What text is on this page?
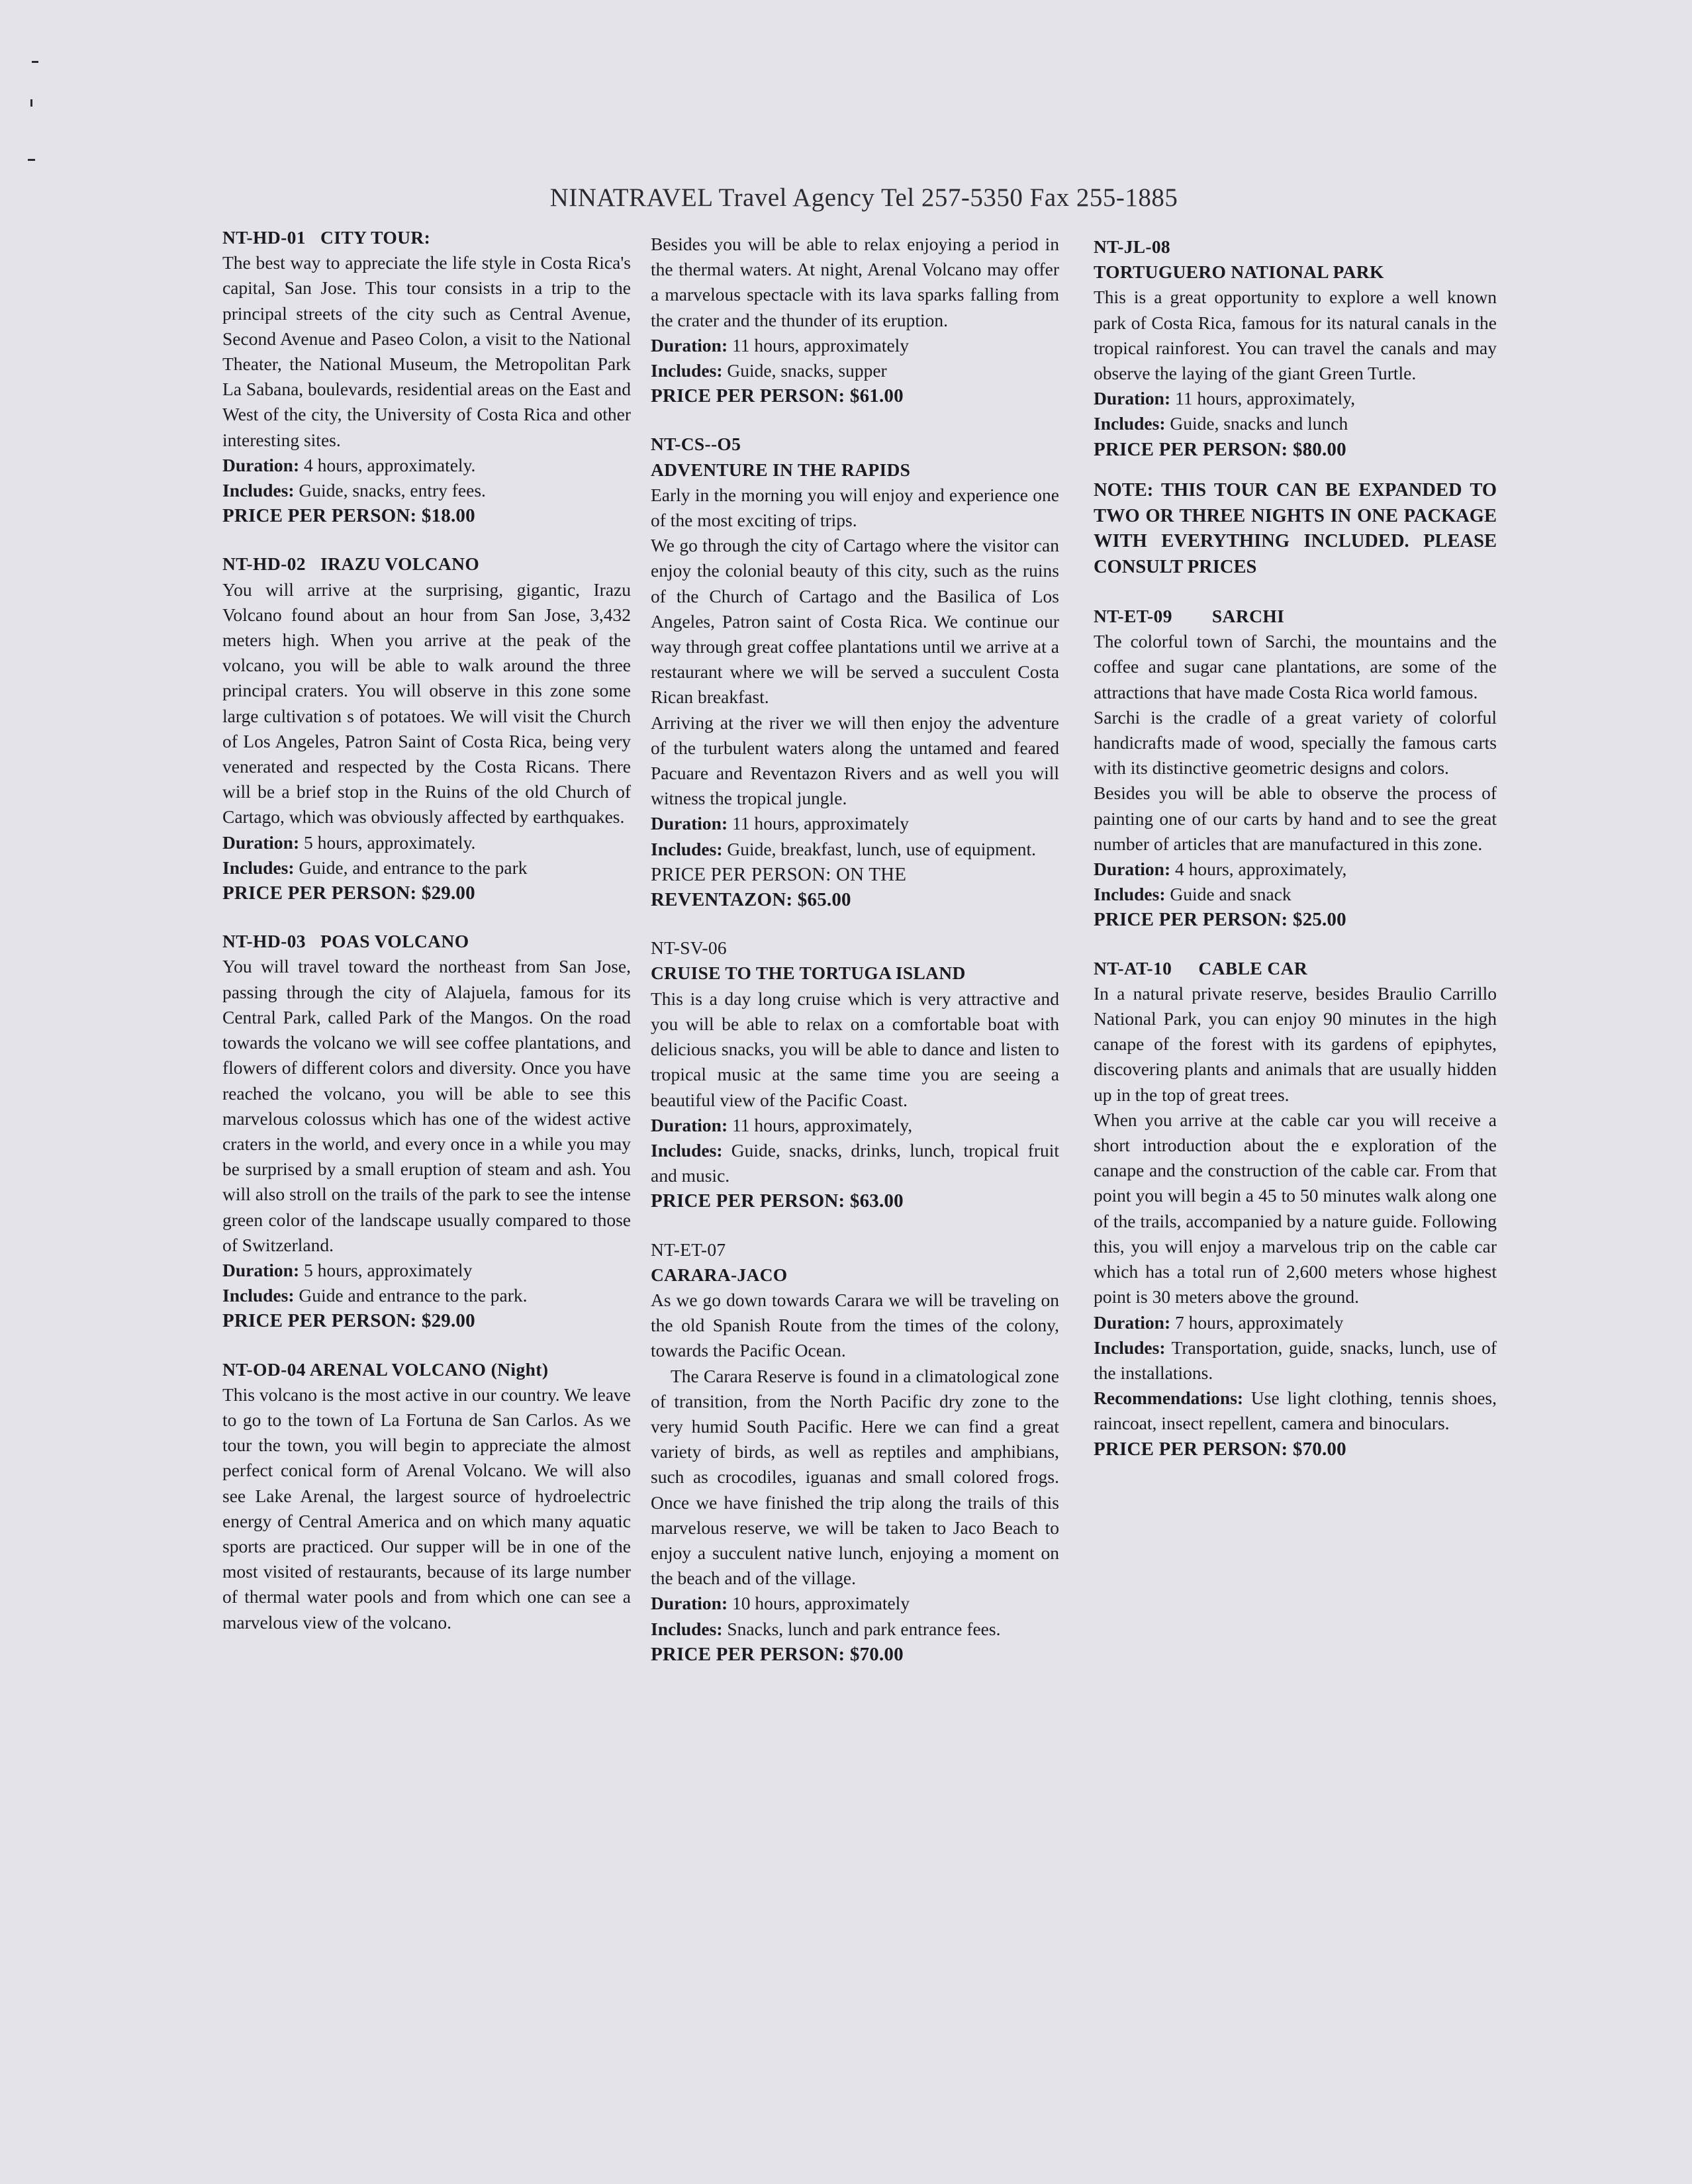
NINATRAVEL Travel Agency Tel 257-5350 Fax 255-1885
NT-HD-01 CITY TOUR:

The best way to appreciate the life style in Costa Rica's capital, San Jose. This tour consists in a trip to the principal streets of the city such as Central Avenue, Second Avenue and Paseo Colon, a visit to the National Theater, the National Museum, the Metropolitan Park La Sabana, boulevards, residential areas on the East and West of the city, the University of Costa Rica and other interesting sites.

Duration: 4 hours, approximately.

Includes: Guide, snacks, entry fees.

PRICE PER PERSON: $18.00
NT-HD-02 IRAZU VOLCANO

You will arrive at the surprising, gigantic, Irazu Volcano found about an hour from San Jose, 3,432 meters high. When you arrive at the peak of the volcano, you will be able to walk around the three principal craters. You will observe in this zone some large cultivation s of potatoes. We will visit the Church of Los Angeles, Patron Saint of Costa Rica, being very venerated and respected by the Costa Ricans. There will be a brief stop in the Ruins of the old Church of Cartago, which was obviously affected by earthquakes.

Duration: 5 hours, approximately.

Includes: Guide, and entrance to the park

PRICE PER PERSON: $29.00
NT-HD-03 POAS VOLCANO

You will travel toward the northeast from San Jose, passing through the city of Alajuela, famous for its Central Park, called Park of the Mangos. On the road towards the volcano we will see coffee plantations, and flowers of different colors and diversity. Once you have reached the volcano, you will be able to see this marvelous colossus which has one of the widest active craters in the world, and every once in a while you may be surprised by a small eruption of steam and ash. You will also stroll on the trails of the park to see the intense green color of the landscape usually compared to those of Switzerland.

Duration: 5 hours, approximately

Includes: Guide and entrance to the park.

PRICE PER PERSON: $29.00
NT-OD-04 ARENAL VOLCANO (Night)

This volcano is the most active in our country. We leave to go to the town of La Fortuna de San Carlos. As we tour the town, you will begin to appreciate the almost perfect conical form of Arenal Volcano. We will also see Lake Arenal, the largest source of hydroelectric energy of Central America and on which many aquatic sports are practiced. Our supper will be in one of the most visited of restaurants, because of its large number of thermal water pools and from which one can see a marvelous view of the volcano.

Besides you will be able to relax enjoying a period in the thermal waters. At night, Arenal Volcano may offer a marvelous spectacle with its lava sparks falling from the crater and the thunder of its eruption.

Duration: 11 hours, approximately

Includes: Guide, snacks, supper

PRICE PER PERSON: $61.00
NT-CS--O5
ADVENTURE IN THE RAPIDS

Early in the morning you will enjoy and experience one of the most exciting of trips.

We go through the city of Cartago where the visitor can enjoy the colonial beauty of this city, such as the ruins of the Church of Cartago and the Basilica of Los Angeles, Patron saint of Costa Rica. We continue our way through great coffee plantations until we arrive at a restaurant where we will be served a succulent Costa Rican breakfast.

Arriving at the river we will then enjoy the adventure of the turbulent waters along the untamed and feared Pacuare and Reventazon Rivers and as well you will witness the tropical jungle.

Duration: 11 hours, approximately

Includes: Guide, breakfast, lunch, use of equipment.

PRICE PER PERSON: ON THE
REVENTAZON: $65.00
NT-SV-06
CRUISE TO THE TORTUGA ISLAND

This is a day long cruise which is very attractive and you will be able to relax on a comfortable boat with delicious snacks, you will be able to dance and listen to tropical music at the same time you are seeing a beautiful view of the Pacific Coast.

Duration: 11 hours, approximately,

Includes: Guide, snacks, drinks, lunch, tropical fruit and music.

PRICE PER PERSON: $63.00
NT-ET-07
CARARA-JACO

As we go down towards Carara we will be traveling on the old Spanish Route from the times of the colony, towards the Pacific Ocean.

The Carara Reserve is found in a climatological zone of transition, from the North Pacific dry zone to the very humid South Pacific. Here we can find a great variety of birds, as well as reptiles and amphibians, such as crocodiles, iguanas and small colored frogs. Once we have finished the trip along the trails of this marvelous reserve, we will be taken to Jaco Beach to enjoy a succulent native lunch, enjoying a moment on the beach and of the village.

Duration: 10 hours, approximately

Includes: Snacks, lunch and park entrance fees.

PRICE PER PERSON: $70.00
NT-JL-08
TORTUGUERO NATIONAL PARK

This is a great opportunity to explore a well known park of Costa Rica, famous for its natural canals in the tropical rainforest. You can travel the canals and may observe the laying of the giant Green Turtle.

Duration: 11 hours, approximately,

Includes: Guide, snacks and lunch

PRICE PER PERSON: $80.00
NOTE: THIS TOUR CAN BE EXPANDED TO TWO OR THREE NIGHTS IN ONE PACKAGE WITH EVERYTHING INCLUDED. PLEASE CONSULT PRICES
NT-ET-09 SARCHI

The colorful town of Sarchi, the mountains and the coffee and sugar cane plantations, are some of the attractions that have made Costa Rica world famous.

Sarchi is the cradle of a great variety of colorful handicrafts made of wood, specially the famous carts with its distinctive geometric designs and colors.

Besides you will be able to observe the process of painting one of our carts by hand and to see the great number of articles that are manufactured in this zone.

Duration: 4 hours, approximately,

Includes: Guide and snack

PRICE PER PERSON: $25.00
NT-AT-10 CABLE CAR

In a natural private reserve, besides Braulio Carrillo National Park, you can enjoy 90 minutes in the high canape of the forest with its gardens of epiphytes, discovering plants and animals that are usually hidden up in the top of great trees.

When you arrive at the cable car you will receive a short introduction about the e exploration of the canape and the construction of the cable car. From that point you will begin a 45 to 50 minutes walk along one of the trails, accompanied by a nature guide. Following this, you will enjoy a marvelous trip on the cable car which has a total run of 2,600 meters whose highest point is 30 meters above the ground.

Duration: 7 hours, approximately

Includes: Transportation, guide, snacks, lunch, use of the installations.

Recommendations: Use light clothing, tennis shoes, raincoat, insect repellent, camera and binoculars.

PRICE PER PERSON: $70.00
